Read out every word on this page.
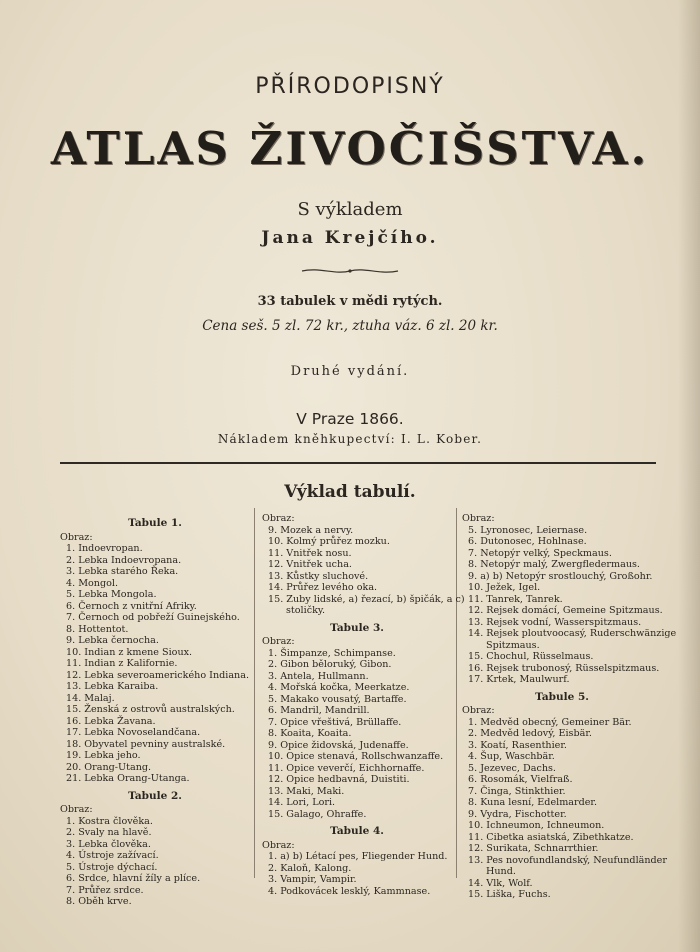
PŘÍRODOPISNÝ
ATLAS ŽIVOČIŠSTVA.
S výkladem
Jana Krejčího.
33 tabulek v mědi rytých.
Cena seš. 5 zl. 72 kr., ztuha váz. 6 zl. 20 kr.
Druhé vydání.
V Praze 1866.
Nákladem kněhkupectví: I. L. Kober.
Výklad tabulí.
Tabule 1.
Obraz:
1. Indoevropan.
2. Lebka Indoevropana.
3. Lebka starého Řeka.
4. Mongol.
5. Lebka Mongola.
6. Černoch z vnitřní Afriky.
7. Černoch od pobřeží Guinejského.
8. Hottentot.
9. Lebka černocha.
10. Indian z kmene Sioux.
11. Indian z Kalifornie.
12. Lebka severoamerického Indiana.
13. Lebka Karaiba.
14. Malaj.
15. Ženská z ostrovů australských.
16. Lebka Žavana.
17. Lebka Novoselandčana.
18. Obyvatel pevniny australské.
19. Lebka jeho.
20. Orang-Utang.
21. Lebka Orang-Utanga.
Tabule 2.
Obraz:
1. Kostra člověka.
2. Svaly na hlavě.
3. Lebka člověka.
4. Ústroje zažívací.
5. Ústroje dýchací.
6. Srdce, hlavní žíly a plíce.
7. Průřez srdce.
8. Oběh krve.
Obraz:
9. Mozek a nervy.
10. Kolmý průřez mozku.
11. Vnitřek nosu.
12. Vnitřek ucha.
13. Kůstky sluchové.
14. Průřez levého oka.
15. Zuby lidské, a) řezací, b) špičák, a c)
stoličky.
Tabule 3.
Obraz:
1. Šimpanze, Schimpanse.
2. Gibon běloruký, Gibon.
3. Antela, Hullmann.
4. Mořská kočka, Meerkatze.
5. Makako vousatý, Bartaffe.
6. Mandril, Mandrill.
7. Opice vřeštivá, Brüllaffe.
8. Koaita, Koaita.
9. Opice židovská, Judenaffe.
10. Opice stenavá, Rollschwanzaffe.
11. Opice veverčí, Eichhornaffe.
12. Opice hedbavná, Duistiti.
13. Maki, Maki.
14. Lori, Lori.
15. Galago, Ohraffe.
Tabule 4.
Obraz:
1. a) b) Létací pes, Fliegender Hund.
2. Kaloň, Kalong.
3. Vampir, Vampir.
4. Podkovácek lesklý, Kammnase.
Obraz:
5. Lyronosec, Leiernase.
6. Dutonosec, Hohlnase.
7. Netopýr velký, Speckmaus.
8. Netopýr malý, Zwergfledermaus.
9. a) b) Netopýr srostlouchý, Großohr.
10. Ježek, Igel.
11. Tanrek, Tanrek.
12. Rejsek domácí, Gemeine Spitzmaus.
13. Rejsek vodní, Wasserspitzmaus.
14. Rejsek ploutvoocasý, Ruderschwänzige
Spitzmaus.
15. Chochul, Rüsselmaus.
16. Rejsek trubonosý, Rüsselspitzmaus.
17. Krtek, Maulwurf.
Tabule 5.
Obraz:
1. Medvěd obecný, Gemeiner Bär.
2. Medvěd ledový, Eisbär.
3. Koatí, Rasenthier.
4. Šup, Waschbär.
5. Jezevec, Dachs.
6. Rosomák, Vielfraß.
7. Činga, Stinkthier.
8. Kuna lesní, Edelmarder.
9. Vydra, Fischotter.
10. Ichneumon, Ichneumon.
11. Cibetka asiatská, Zibethkatze.
12. Surikata, Schnarrthier.
13. Pes novofundlandský, Neufundländer
Hund.
14. Vlk, Wolf.
15. Liška, Fuchs.
